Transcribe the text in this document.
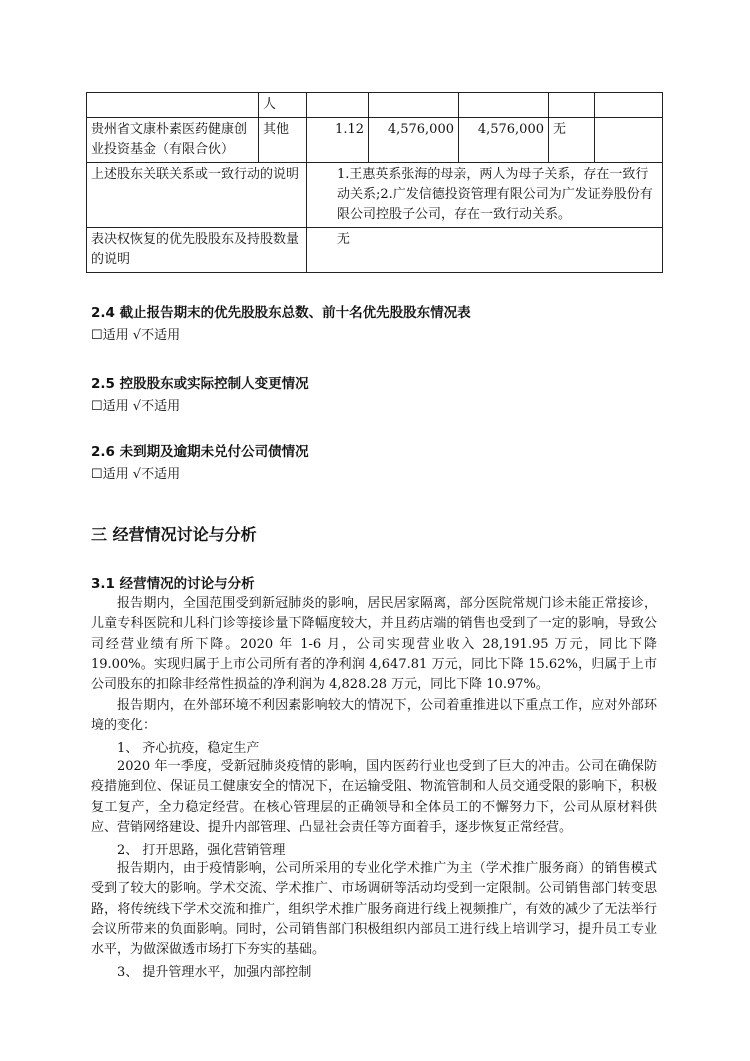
	人					
贵州省文康朴素医药健康创业投资基金（有限合伙）	其他	1.12	4,576,000	4,576,000	无	
上述股东关联关系或一致行动的说明		1.王惠英系张海的母亲，两人为母子关系，存在一致行动关系;2.广发信德投资管理有限公司为广发证券股份有限公司控股子公司，存在一致行动关系。				
表决权恢复的优先股股东及持股数量的说明		无				
2.4 截止报告期末的优先股股东总数、前十名优先股股东情况表
☐适用 √不适用
2.5 控股股东或实际控制人变更情况
☐适用 √不适用
2.6 未到期及逾期未兑付公司债情况
☐适用 √不适用
三 经营情况讨论与分析
3.1 经营情况的讨论与分析

报告期内，全国范围受到新冠肺炎的影响，居民居家隔离，部分医院常规门诊未能正常接诊，儿童专科医院和儿科门诊等接诊量下降幅度较大，并且药店端的销售也受到了一定的影响，导致公司经营业绩有所下降。2020 年 1-6 月，公司实现营业收入 28,191.95 万元，同比下降 19.00%。实现归属于上市公司所有者的净利润 4,647.81 万元，同比下降 15.62%，归属于上市公司股东的扣除非经常性损益的净利润为 4,828.28 万元，同比下降 10.97%。

报告期内，在外部环境不利因素影响较大的情况下，公司着重推进以下重点工作，应对外部环境的变化：

1、 齐心抗疫，稳定生产

2020 年一季度，受新冠肺炎疫情的影响，国内医药行业也受到了巨大的冲击。公司在确保防疫措施到位、保证员工健康安全的情况下，在运输受阻、物流管制和人员交通受限的影响下，积极复工复产，全力稳定经营。在核心管理层的正确领导和全体员工的不懈努力下，公司从原材料供应、营销网络建设、提升内部管理、凸显社会责任等方面着手，逐步恢复正常经营。

2、 打开思路，强化营销管理

报告期内，由于疫情影响，公司所采用的专业化学术推广为主（学术推广服务商）的销售模式受到了较大的影响。学术交流、学术推广、市场调研等活动均受到一定限制。公司销售部门转变思路，将传统线下学术交流和推广，组织学术推广服务商进行线上视频推广，有效的减少了无法举行会议所带来的负面影响。同时，公司销售部门积极组织内部员工进行线上培训学习，提升员工专业水平，为做深做透市场打下夯实的基础。

3、 提升管理水平，加强内部控制
